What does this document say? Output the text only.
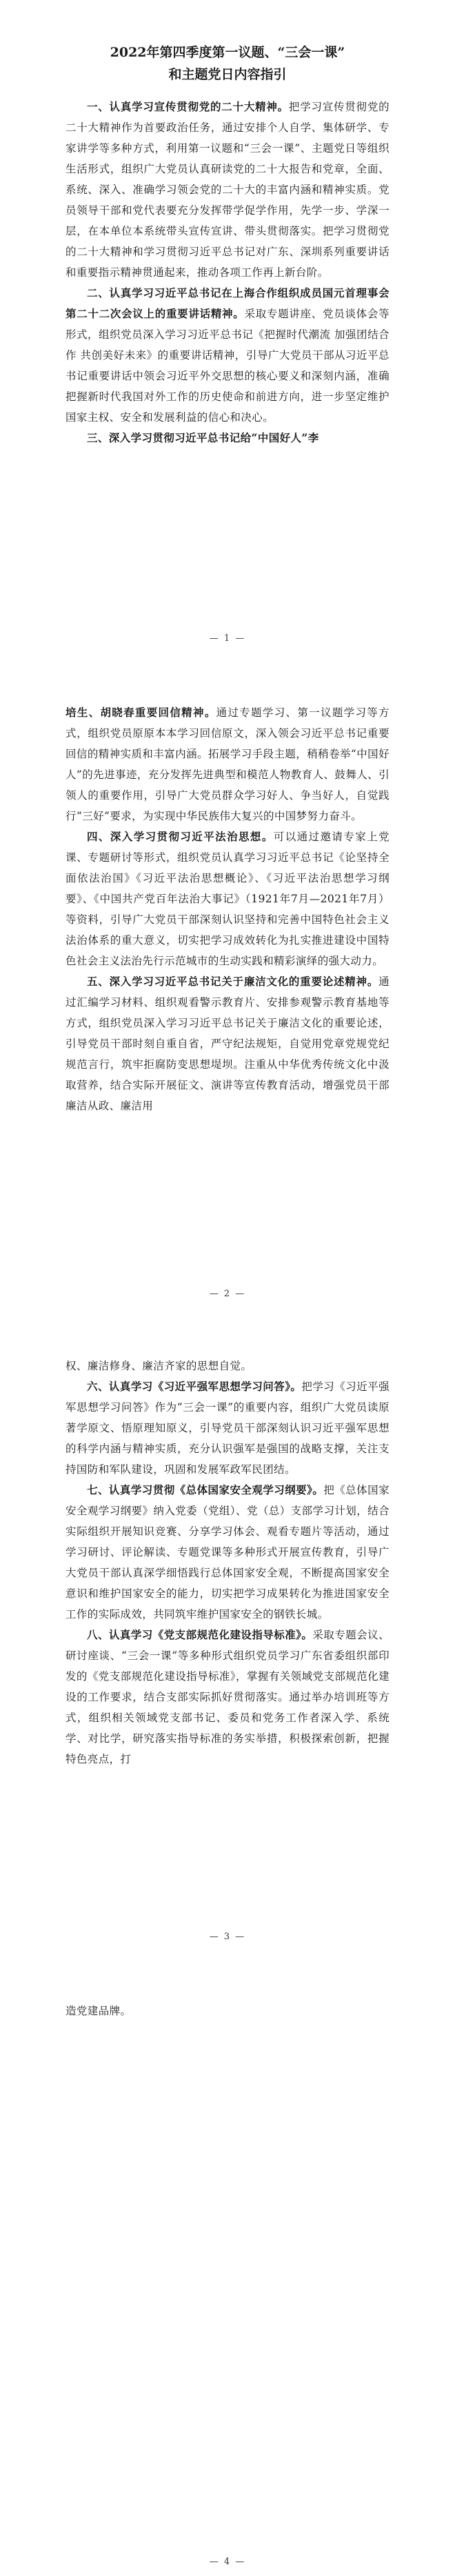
2022年第四季度第一议题、“三会一课”

和主题党日内容指引

一、认真学习宣传贯彻党的二十大精神。把学习宣传贯彻党的二十大精神作为首要政治任务，通过安排个人自学、集体研学、专家讲学等多种方式，利用第一议题和“三会一课”、主题党日等组织生活形式，组织广大党员认真研读党的二十大报告和党章，全面、系统、深入、准确学习领会党的二十大的丰富内涵和精神实质。党员领导干部和党代表要充分发挥带学促学作用，先学一步、学深一层，在本单位本系统带头宣传宣讲、带头贯彻落实。把学习贯彻党的二十大精神和学习贯彻习近平总书记对广东、深圳系列重要讲话和重要指示精神贯通起来，推动各项工作再上新台阶。

二、认真学习习近平总书记在上海合作组织成员国元首理事会第二十二次会议上的重要讲话精神。采取专题讲座、党员谈体会等形式，组织党员深入学习习近平总书记《把握时代潮流 加强团结合作 共创美好未来》的重要讲话精神，引导广大党员干部从习近平总书记重要讲话中领会习近平外交思想的核心要义和深刻内涵，准确把握新时代我国对外工作的历史使命和前进方向，进一步坚定维护国家主权、安全和发展利益的信心和决心。

三、深入学习贯彻习近平总书记给“中国好人”李

— 1 —

培生、胡晓春重要回信精神。通过专题学习、第一议题学习等方式，组织党员原原本本学习回信原文，深入领会习近平总书记重要回信的精神实质和丰富内涵。拓展学习手段主题，稍稍卷举“中国好人”的先进事迹，充分发挥先进典型和模范人物教育人、鼓舞人、引领人的重要作用，引导广大党员群众学习好人、争当好人，自觉践行“三好”要求，为实现中华民族伟大复兴的中国梦努力奋斗。

四、深入学习贯彻习近平法治思想。可以通过邀请专家上党课、专题研讨等形式，组织党员认真学习习近平总书记《论坚持全面依法治国》《习近平法治思想概论》、《习近平法治思想学习纲要》、《中国共产党百年法治大事记》（1921年7月—2021年7月）等资料，引导广大党员干部深刻认识坚持和完善中国特色社会主义法治体系的重大意义，切实把学习成效转化为扎实推进建设中国特色社会主义法治先行示范城市的生动实践和精彩演绎的强大动力。

五、深入学习习近平总书记关于廉洁文化的重要论述精神。通过汇编学习材料、组织观看警示教育片、安排参观警示教育基地等方式，组织党员深入学习习近平总书记关于廉洁文化的重要论述，引导党员干部时刻自重自省，严守纪法规矩，自觉用党章党规党纪规范言行，筑牢拒腐防变思想堤坝。注重从中华优秀传统文化中汲取营养，结合实际开展征文、演讲等宣传教育活动，增强党员干部廉洁从政、廉洁用

— 2 —

权、廉洁修身、廉洁齐家的思想自觉。

六、认真学习《习近平强军思想学习问答》。把学习《习近平强军思想学习问答》作为“三会一课”的重要内容，组织广大党员读原著学原文、悟原理知原义，引导党员干部深刻认识习近平强军思想的科学内涵与精神实质，充分认识强军是强国的战略支撑，关注支持国防和军队建设，巩固和发展军政军民团结。

七、认真学习贯彻《总体国家安全观学习纲要》。把《总体国家安全观学习纲要》纳入党委（党组）、党（总）支部学习计划，结合实际组织开展知识竞赛、分享学习体会、观看专题片等活动，通过学习研讨、评论解读、专题党课等多种形式开展宣传教育，引导广大党员干部认真深学细悟践行总体国家安全观，不断提高国家安全意识和维护国家安全的能力，切实把学习成果转化为推进国家安全工作的实际成效，共同筑牢维护国家安全的钢铁长城。

八、认真学习《党支部规范化建设指导标准》。采取专题会议、研讨座谈、“三会一课”等多种形式组织党员学习广东省委组织部印发的《党支部规范化建设指导标准》，掌握有关领域党支部规范化建设的工作要求，结合支部实际抓好贯彻落实。通过举办培训班等方式，组织相关领域党支部书记、委员和党务工作者深入学、系统学、对比学，研究落实指导标准的务实举措，积极探索创新，把握特色亮点，打

— 3 —

造党建品牌。

— 4 —
